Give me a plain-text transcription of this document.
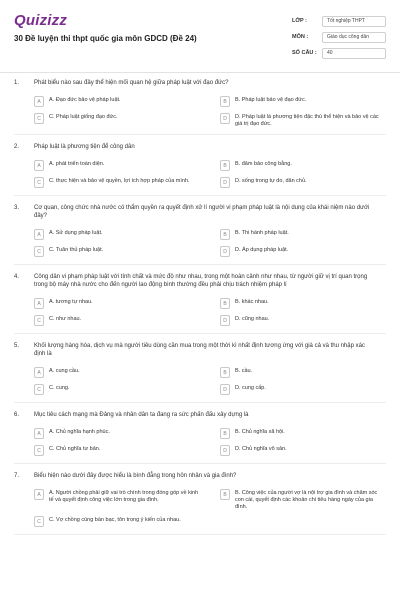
Quizizz
30 Đề luyện thi thpt quốc gia môn GDCD (Đề 24)
LỚP :	Tốt nghiệp THPT
MÔN :	Giáo dục công dân
SỐ CÂU :	40
1.	Phát biểu nào sau đây thể hiện mối quan hệ giữa pháp luật với đạo đức?
A	A. Đạo đức bảo vệ pháp luật.	B	B. Pháp luật bảo vệ đạo đức.
C	C. Pháp luật giống đạo đức.	D	D. Pháp luật là phương tiện đặc thù thể hiện và bảo vệ các giá trị đạo đức.
2.	Pháp luật là phương tiện để công dân
A	A. phát triển toàn diện.	B	B. đảm bảo công bằng.
C	C. thực hiện và bảo vệ quyền, lợi ích hợp pháp của mình.	D	D. sống trong tự do, dân chủ.
3.	Cơ quan, công chức nhà nước có thẩm quyền ra quyết định xử lí người vi phạm pháp luật là nội dung của khái niệm nào dưới đây?
A	A. Sử dụng pháp luật.	B	B. Thi hành pháp luật.
C	C. Tuân thủ pháp luật.	D	D. Áp dụng pháp luật.
4.	Công dân vi phạm pháp luật với tính chất và mức độ như nhau, trong một hoàn cảnh như nhau, từ người giữ vị trí quan trọng trong bộ máy nhà nước cho đến người lao động bình thường đều phải chịu trách nhiệm pháp lí
A	A. tương tự nhau.	B	B. khác nhau.
C	C. như nhau.	D	D. cũng nhau.
5.	Khối lượng hàng hóa, dịch vụ mà người tiêu dùng cần mua trong một thời kì nhất định tương ứng với giá cả và thu nhập xác định là
A	A. cung cầu.	B	B. cầu.
C	C. cung.	D	D. cung cấp.
6.	Mục tiêu cách mạng mà Đảng và nhân dân ta đang ra sức phấn đấu xây dựng là
A	A. Chủ nghĩa hạnh phúc.	B	B. Chủ nghĩa xã hội.
C	C. Chủ nghĩa tư bản.	D	D. Chủ nghĩa vô sản.
7.	Biểu hiện nào dưới đây được hiểu là bình đẳng trong hôn nhân và gia đình?
A	A. Người chồng phải giữ vai trò chính trong đóng góp về kinh tế và quyết định công việc lớn trong gia đình.
B	B. Công việc của người vợ là nội trợ gia đình và chăm sóc con cái, quyết định các khoản chi tiêu hàng ngày của gia đình.
C	C. Vợ chồng cùng bàn bạc, tôn trọng ý kiến của nhau.
